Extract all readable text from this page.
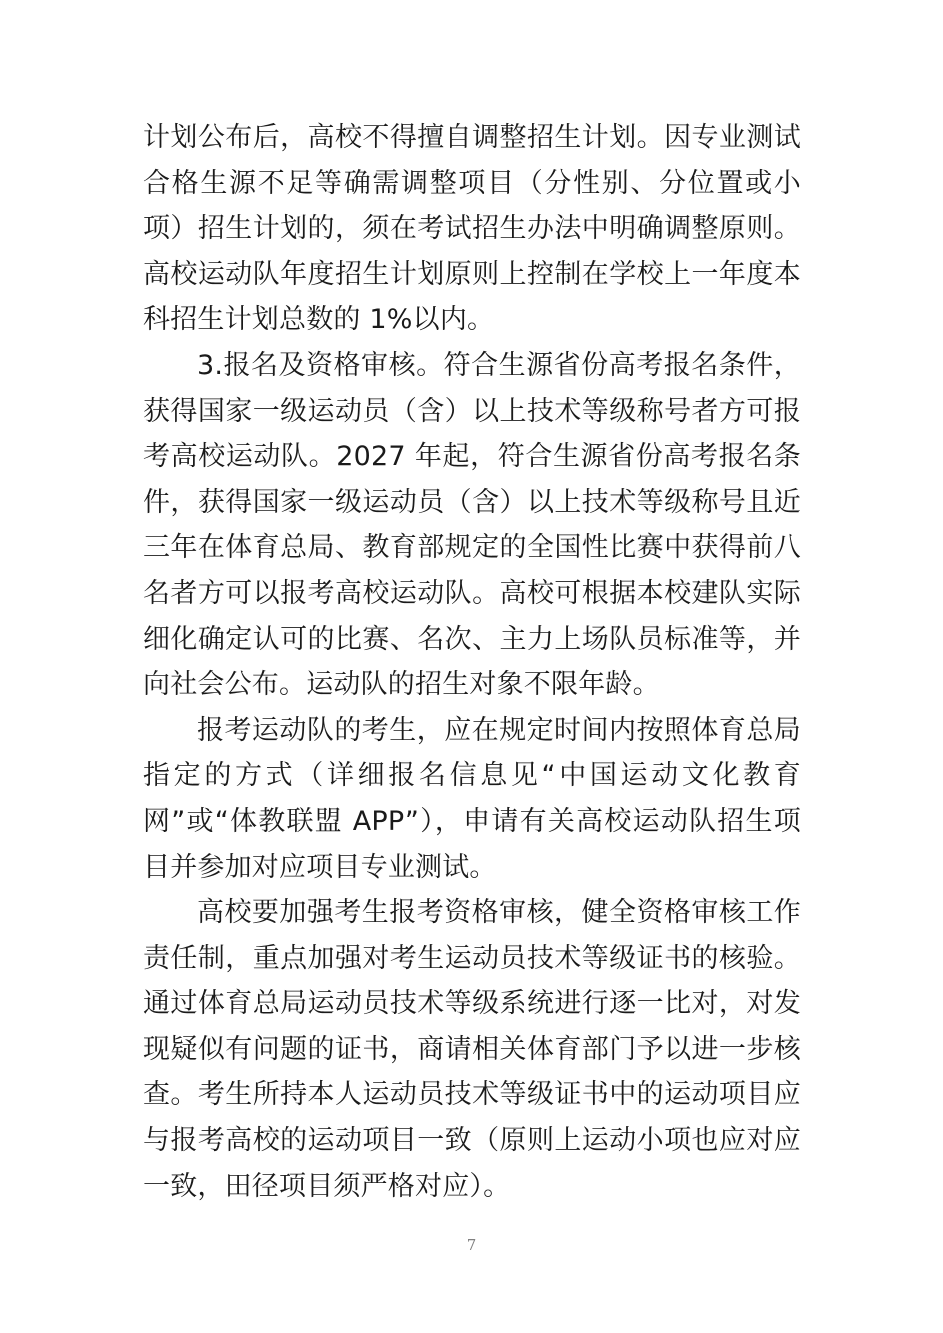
计划公布后，高校不得擅自调整招生计划。因专业测试合格生源不足等确需调整项目（分性别、分位置或小项）招生计划的，须在考试招生办法中明确调整原则。高校运动队年度招生计划原则上控制在学校上一年度本科招生计划总数的 1%以内。

3.报名及资格审核。符合生源省份高考报名条件，获得国家一级运动员（含）以上技术等级称号者方可报考高校运动队。2027 年起，符合生源省份高考报名条件，获得国家一级运动员（含）以上技术等级称号且近三年在体育总局、教育部规定的全国性比赛中获得前八名者方可以报考高校运动队。高校可根据本校建队实际细化确定认可的比赛、名次、主力上场队员标准等，并向社会公布。运动队的招生对象不限年龄。

报考运动队的考生，应在规定时间内按照体育总局指定的方式（详细报名信息见“中国运动文化教育网”或“体教联盟 APP”），申请有关高校运动队招生项目并参加对应项目专业测试。

高校要加强考生报考资格审核，健全资格审核工作责任制，重点加强对考生运动员技术等级证书的核验。通过体育总局运动员技术等级系统进行逐一比对，对发现疑似有问题的证书，商请相关体育部门予以进一步核查。考生所持本人运动员技术等级证书中的运动项目应与报考高校的运动项目一致（原则上运动小项也应对应一致，田径项目须严格对应）。

7
